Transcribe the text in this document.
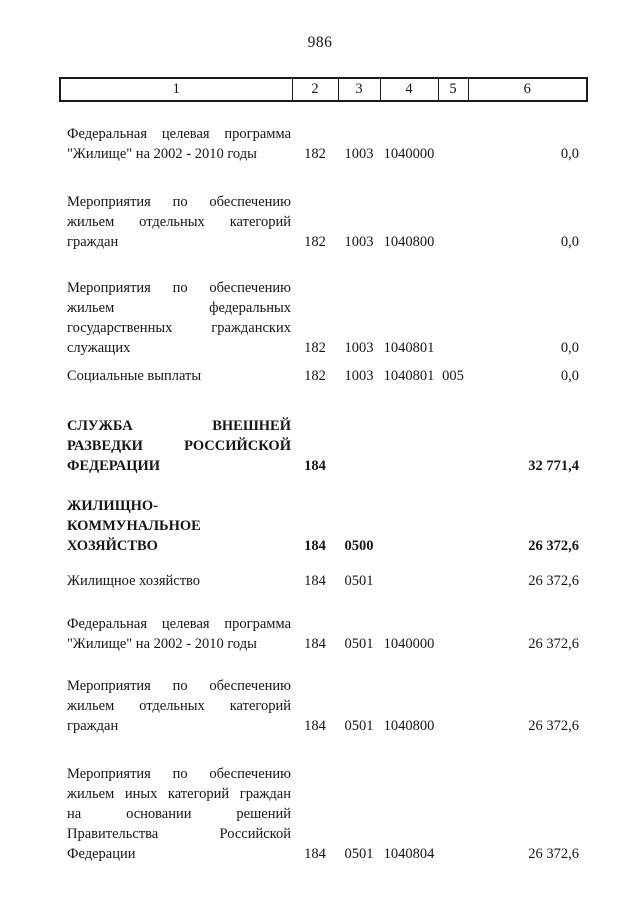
986
1	2	3	4	5	6

Федеральная целевая программа
"Жилище" на 2002 - 2010 годы	182	1003	1040000		0,0

Мероприятия по обеспечению
жильем отдельных категорий
граждан	182	1003	1040800		0,0

Мероприятия по обеспечению
жильем федеральных
государственных гражданских
служащих	182	1003	1040801		0,0

Социальные выплаты	182	1003	1040801	005	0,0

СЛУЖБА ВНЕШНЕЙ
РАЗВЕДКИ РОССИЙСКОЙ
ФЕДЕРАЦИИ	184				32 771,4

ЖИЛИЩНО-
КОММУНАЛЬНОЕ
ХОЗЯЙСТВО	184	0500			26 372,6

Жилищное хозяйство	184	0501			26 372,6

Федеральная целевая программа
"Жилище" на 2002 - 2010 годы	184	0501	1040000		26 372,6

Мероприятия по обеспечению
жильем отдельных категорий
граждан	184	0501	1040800		26 372,6

Мероприятия по обеспечению
жильем иных категорий граждан
на основании решений
Правительства Российской
Федерации	184	0501	1040804		26 372,6
